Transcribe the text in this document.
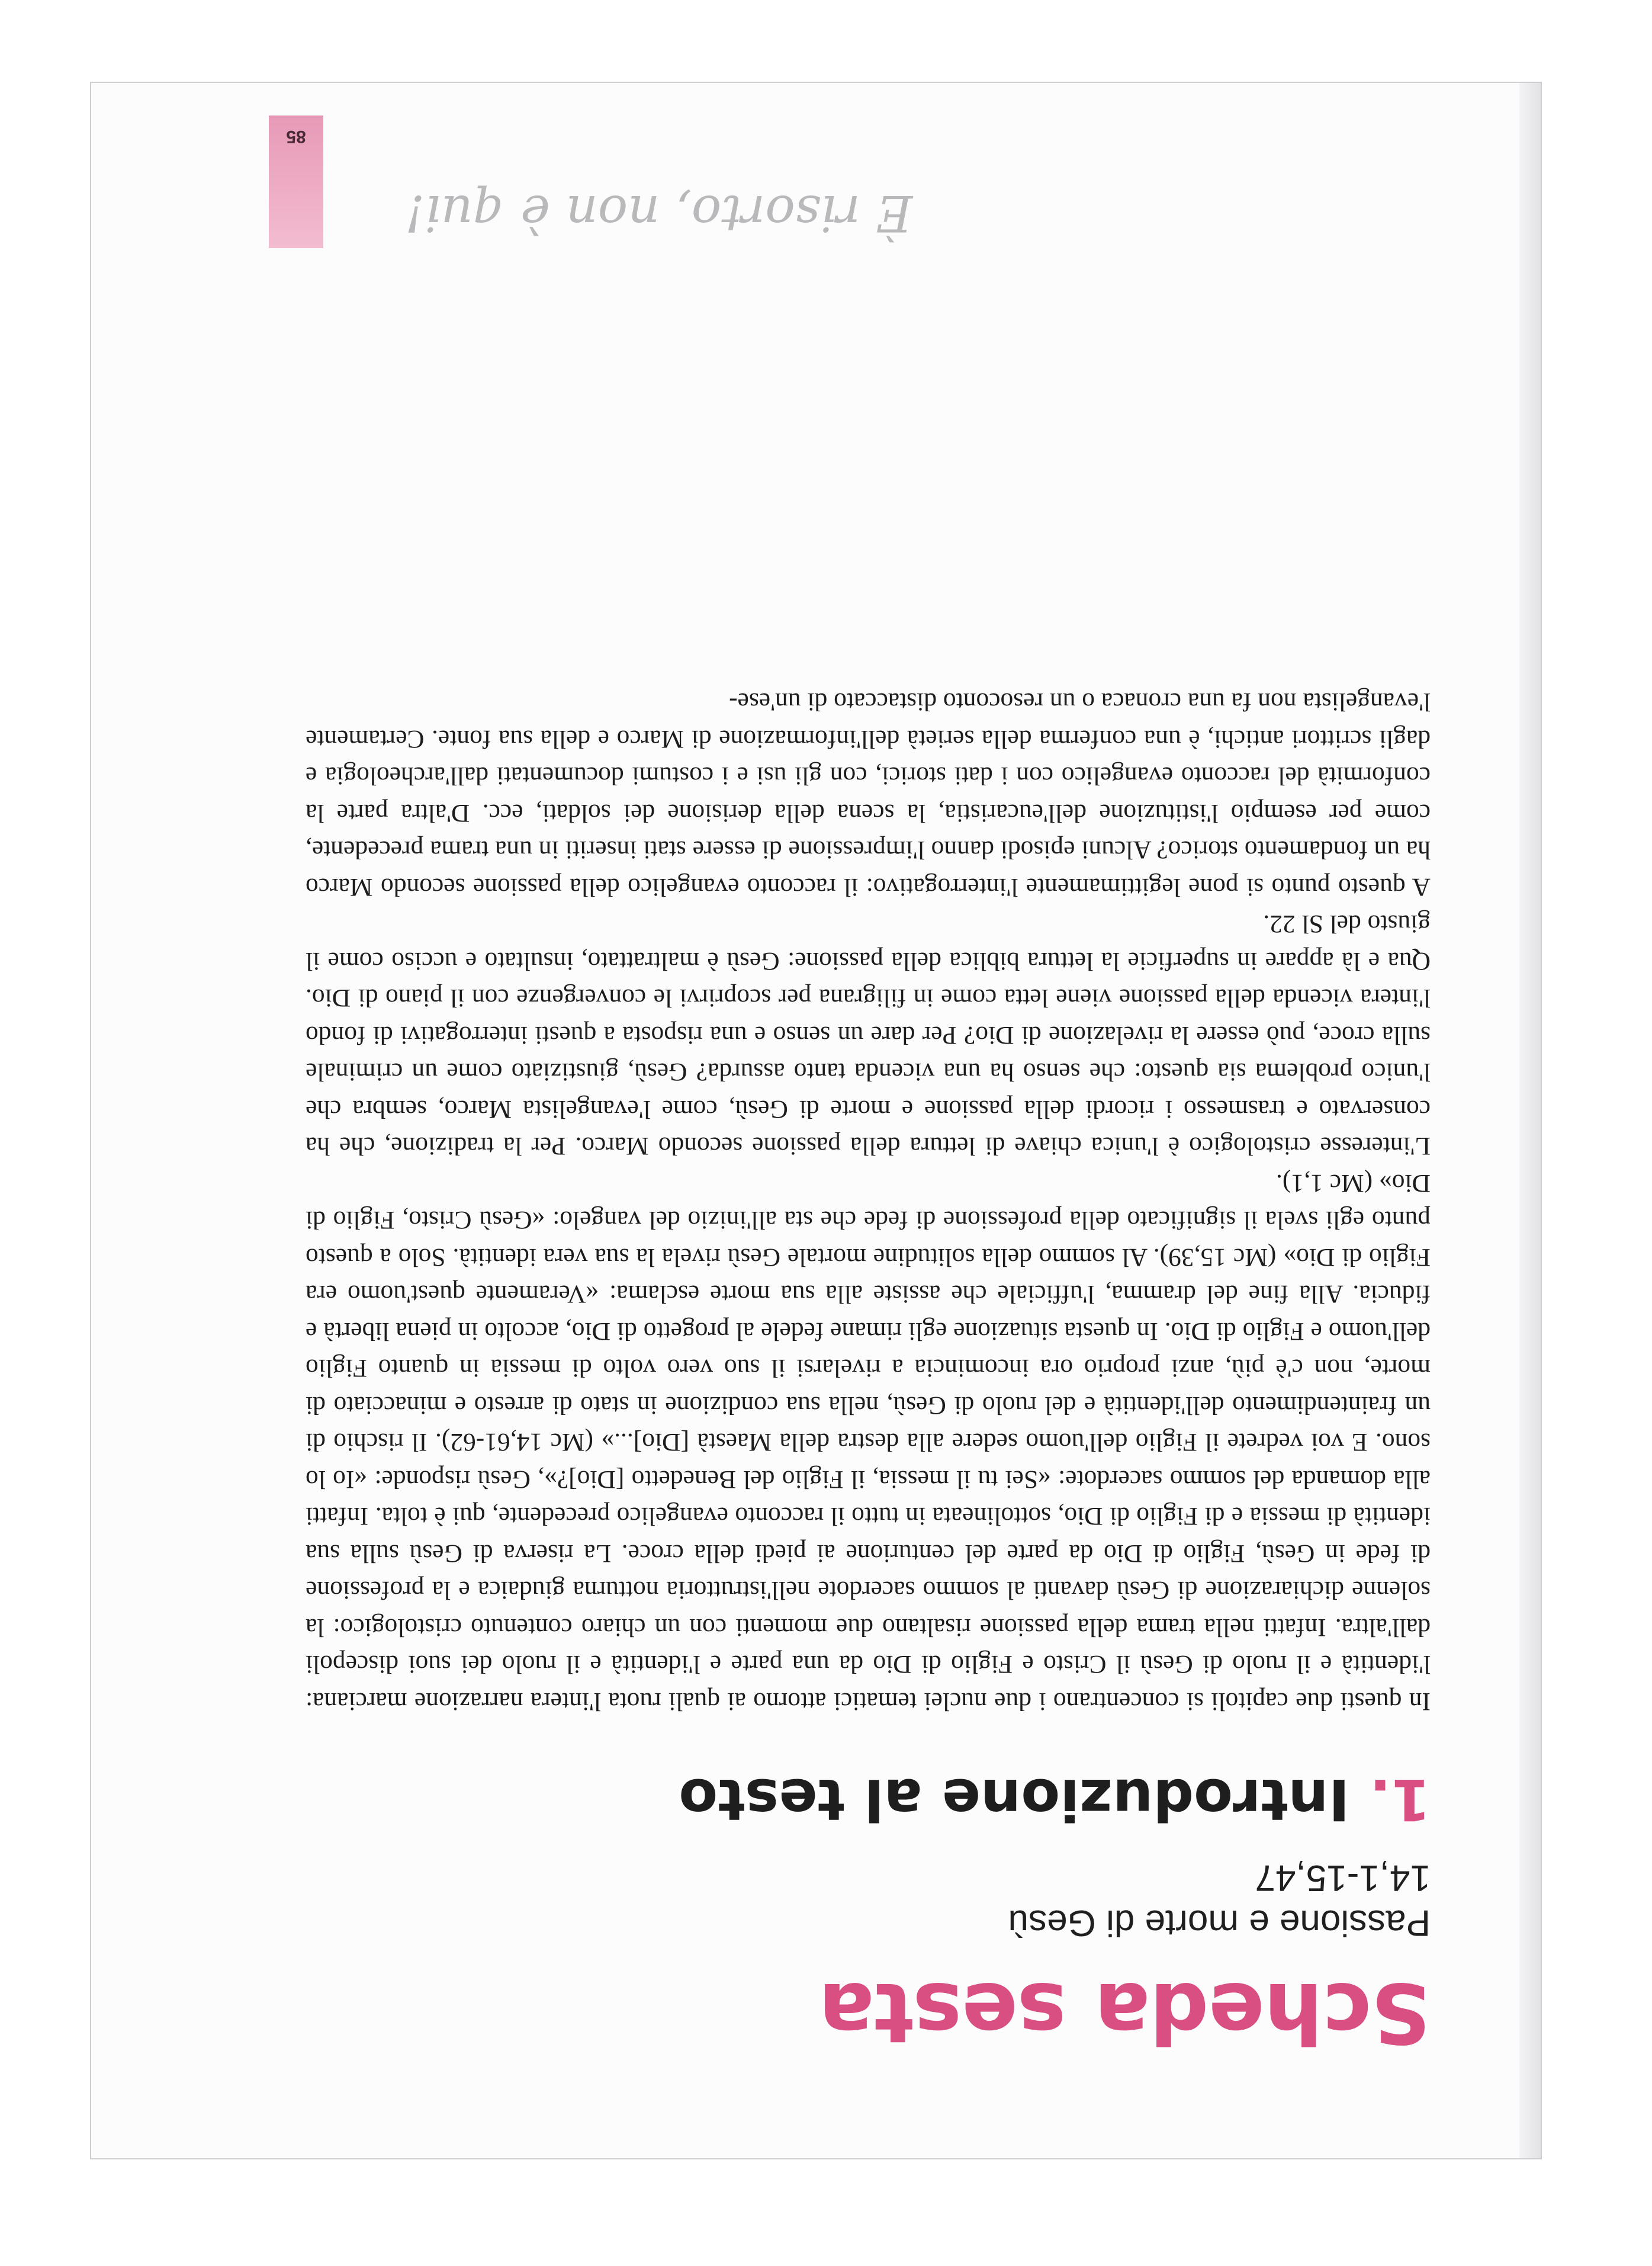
Scheda sesta
Passione e morte di Gesù
14,1-15,47
1. Introduzione al testo

In questi due capitoli si concentrano i due nuclei tematici attorno ai quali ruota l'intera narrazione marciana: l'identità e il ruolo di Gesù il Cristo e Figlio di Dio da una parte e l'identità e il ruolo dei suoi discepoli dall'altra. Infatti nella trama della passione risaltano due momenti con un chiaro contenuto cristologico: la solenne dichiarazione di Gesù davanti al sommo sacerdote nell'istruttoria notturna giudaica e la professione di fede in Gesù, Figlio di Dio da parte del centurione ai piedi della croce. La riserva di Gesù sulla sua identità di messia e di Figlio di Dio, sottolineata in tutto il racconto evangelico precedente, qui è tolta. Infatti alla domanda del sommo sacerdote: «Sei tu il messia, il Figlio del Benedetto [Dio]?», Gesù risponde: «Io lo sono. E voi vedrete il Figlio dell'uomo sedere alla destra della Maestà [Dio]...» (Mc 14,61-62). Il rischio di un fraintendimento dell'identità e del ruolo di Gesù, nella sua condizione in stato di arresto e minacciato di morte, non c'è più, anzi proprio ora incomincia a rivelarsi il suo vero volto di messia in quanto Figlio dell'uomo e Figlio di Dio. In questa situazione egli rimane fedele al progetto di Dio, accolto in piena libertà e fiducia. Alla fine del dramma, l'ufficiale che assiste alla sua morte esclama: «Veramente quest'uomo era Figlio di Dio» (Mc 15,39). Al sommo della solitudine mortale Gesù rivela la sua vera identità. Solo a questo punto egli svela il significato della professione di fede che sta all'inizio del vangelo: «Gesù Cristo, Figlio di Dio» (Mc 1,1).

L'interesse cristologico è l'unica chiave di lettura della passione secondo Marco. Per la tradizione, che ha conservato e trasmesso i ricordi della passione e morte di Gesù, come l'evangelista Marco, sembra che l'unico problema sia questo: che senso ha una vicenda tanto assurda? Gesù, giustiziato come un criminale sulla croce, può essere la rivelazione di Dio? Per dare un senso e una risposta a questi interrogativi di fondo l'intera vicenda della passione viene letta come in filigrana per scoprirvi le convergenze con il piano di Dio. Qua e là appare in superficie la lettura biblica della passione: Gesù è maltrattato, insultato e ucciso come il giusto del Sl 22.

A questo punto si pone legittimamente l'interrogativo: il racconto evangelico della passione secondo Marco ha un fondamento storico? Alcuni episodi danno l'impressione di essere stati inseriti in una trama precedente, come per esempio l'istituzione dell'eucaristia, la scena della derisione dei soldati, ecc. D'altra parte la conformità del racconto evangelico con i dati storici, con gli usi e i costumi documentati dall'archeologia e dagli scrittori antichi, è una conferma della serietà dell'informazione di Marco e della sua fonte. Certamente l'evangelista non fa una cronaca o un resoconto distaccato di un'ese-

È risorto, non è qui!
85
